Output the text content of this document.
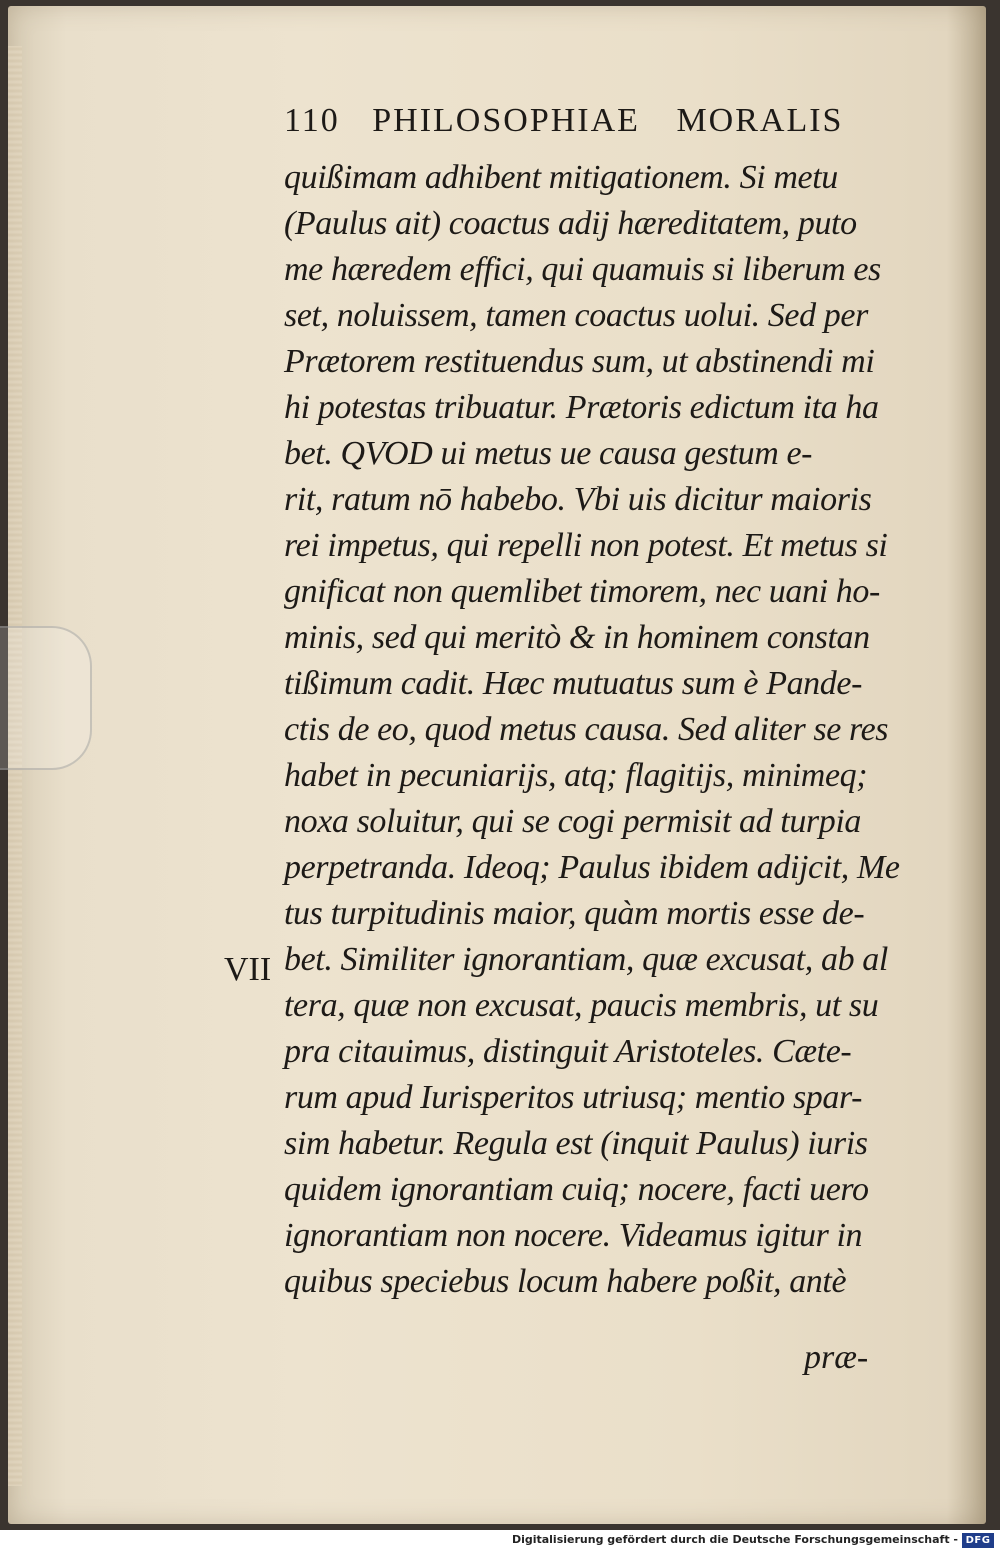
110 PHILOSOPHIAE MORALIS
quißimam adhibent mitigationem. Si metu
(Paulus ait) coactus adij hæreditatem, puto
me hæredem effici, qui quamuis si liberum es
set, noluissem, tamen coactus uolui. Sed per
Prætorem restituendus sum, ut abstinendi mi
hi potestas tribuatur. Prætoris edictum ita ha
bet. QVOD ui metus ue causa gestum e-
rit, ratum nō habebo. Vbi uis dicitur maioris
rei impetus, qui repelli non potest. Et metus si
gnificat non quemlibet timorem, nec uani ho-
minis, sed qui meritò & in hominem constan
tißimum cadit. Hæc mutuatus sum è Pande-
ctis de eo, quod metus causa. Sed aliter se res
habet in pecuniarijs, atq; flagitijs, minimeq;
noxa soluitur, qui se cogi permisit ad turpia
perpetranda. Ideoq; Paulus ibidem adijcit, Me
tus turpitudinis maior, quàm mortis esse de-
bet. Similiter ignorantiam, quæ excusat, ab al
tera, quæ non excusat, paucis membris, ut su
pra citauimus, distinguit Aristoteles. Cæte-
rum apud Iurisperitos utriusq; mentio spar-
sim habetur. Regula est (inquit Paulus) iuris
quidem ignorantiam cuiq; nocere, facti uero
ignorantiam non nocere. Videamus igitur in
quibus speciebus locum habere poßit, antè
VII
præ-
Digitalisierung gefördert durch die Deutsche Forschungsgemeinschaft - DFG
